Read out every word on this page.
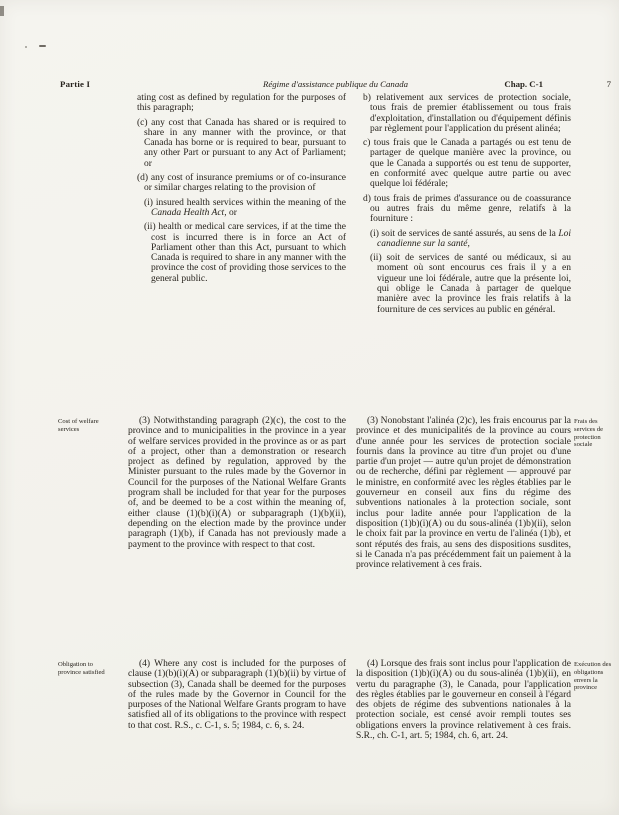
Partie I	Régime d'assistance publique du Canada	Chap. C-1	7
Cost of welfare services
Obligation to province satisfied
Frais des services de protection sociale
Exécution des obligations envers la province

ating cost as defined by regulation for the purposes of this paragraph;

(c) any cost that Canada has shared or is required to share in any manner with the province, or that Canada has borne or is required to bear, pursuant to any other Part or pursuant to any Act of Parliament; or

(d) any cost of insurance premiums or of co-insurance or similar charges relating to the provision of

(i) insured health services within the meaning of the Canada Health Act, or

(ii) health or medical care services, if at the time the cost is incurred there is in force an Act of Parliament other than this Act, pursuant to which Canada is required to share in any manner with the province the cost of providing those services to the general public.

(3) Notwithstanding paragraph (2)(c), the cost to the province and to municipalities in the province in a year of welfare services provided in the province as or as part of a project, other than a demonstration or research project as defined by regulation, approved by the Minister pursuant to the rules made by the Governor in Council for the purposes of the National Welfare Grants program shall be included for that year for the purposes of, and be deemed to be a cost within the meaning of, either clause (1)(b)(i)(A) or subparagraph (1)(b)(ii), depending on the election made by the province under paragraph (1)(b), if Canada has not previously made a payment to the province with respect to that cost.

(4) Where any cost is included for the purposes of clause (1)(b)(i)(A) or subparagraph (1)(b)(ii) by virtue of subsection (3), Canada shall be deemed for the purposes of the rules made by the Governor in Council for the purposes of the National Welfare Grants program to have satisfied all of its obligations to the province with respect to that cost. R.S., c. C-1, s. 5; 1984, c. 6, s. 24.

b) relativement aux services de protection sociale, tous frais de premier établissement ou tous frais d'exploitation, d'installation ou d'équipement définis par règlement pour l'application du présent alinéa;

c) tous frais que le Canada a partagés ou est tenu de partager de quelque manière avec la province, ou que le Canada a supportés ou est tenu de supporter, en conformité avec quelque autre partie ou avec quelque loi fédérale;

d) tous frais de primes d'assurance ou de coassurance ou autres frais du même genre, relatifs à la fourniture :

(i) soit de services de santé assurés, au sens de la Loi canadienne sur la santé,

(ii) soit de services de santé ou médicaux, si au moment où sont encourus ces frais il y a en vigueur une loi fédérale, autre que la présente loi, qui oblige le Canada à partager de quelque manière avec la province les frais relatifs à la fourniture de ces services au public en général.

(3) Nonobstant l'alinéa (2)c), les frais encourus par la province et des municipalités de la province au cours d'une année pour les services de protection sociale fournis dans la province au titre d'un projet ou d'une partie d'un projet — autre qu'un projet de démonstration ou de recherche, défini par règlement — approuvé par le ministre, en conformité avec les règles établies par le gouverneur en conseil aux fins du régime des subventions nationales à la protection sociale, sont inclus pour ladite année pour l'application de la disposition (1)b)(i)(A) ou du sous-alinéa (1)b)(ii), selon le choix fait par la province en vertu de l'alinéa (1)b), et sont réputés des frais, au sens des dispositions susdites, si le Canada n'a pas précédemment fait un paiement à la province relativement à ces frais.

(4) Lorsque des frais sont inclus pour l'application de la disposition (1)b)(i)(A) ou du sous-alinéa (1)b)(ii), en vertu du paragraphe (3), le Canada, pour l'application des règles établies par le gouverneur en conseil à l'égard des objets de régime des subventions nationales à la protection sociale, est censé avoir rempli toutes ses obligations envers la province relativement à ces frais. S.R., ch. C-1, art. 5; 1984, ch. 6, art. 24.
